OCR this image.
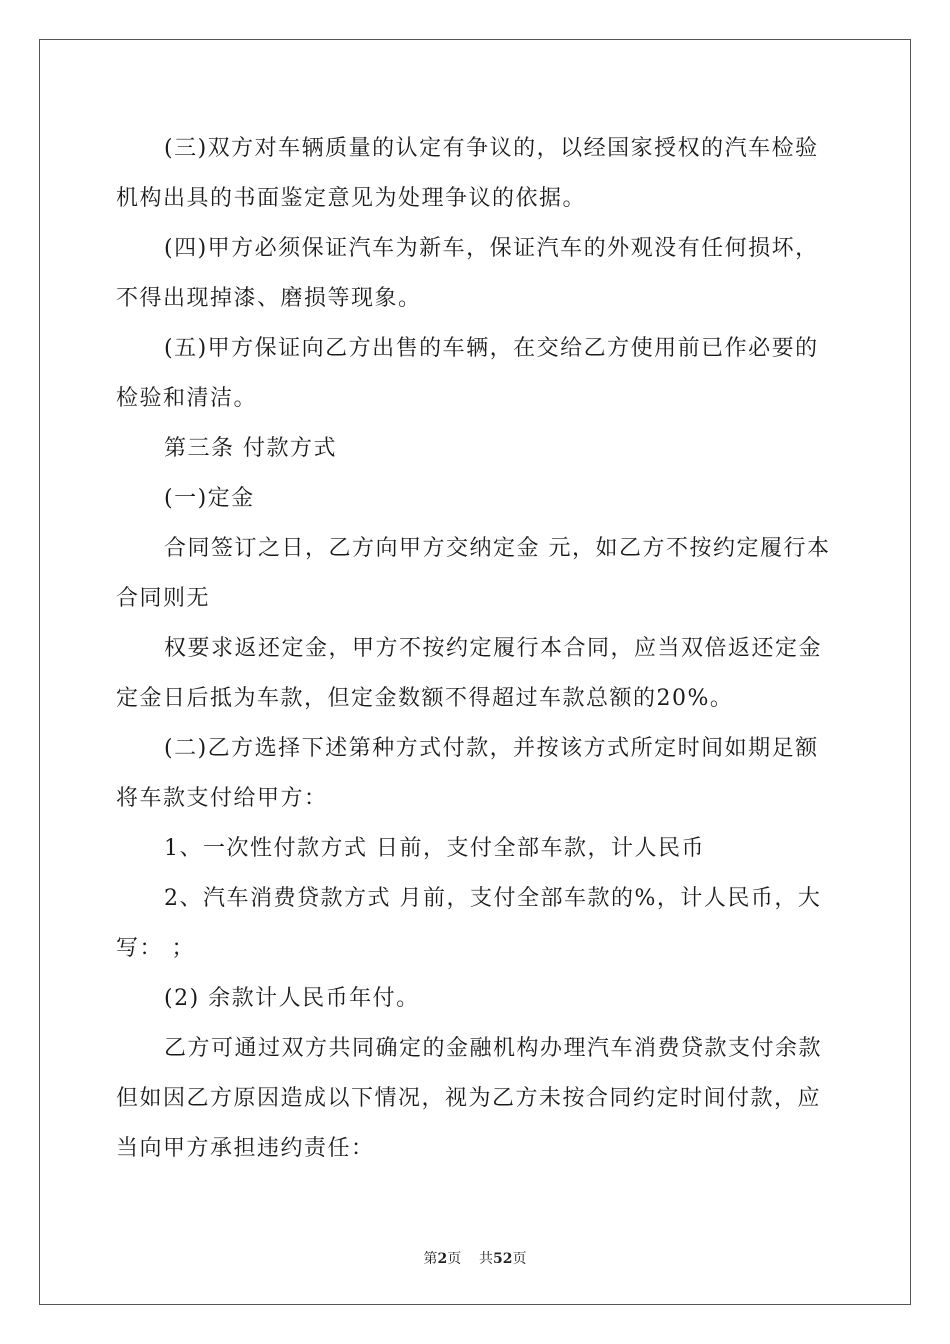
(三)双方对车辆质量的认定有争议的，以经国家授权的汽车检验机构出具的书面鉴定意见为处理争议的依据。

(四)甲方必须保证汽车为新车，保证汽车的外观没有任何损坏，不得出现掉漆、磨损等现象。

(五)甲方保证向乙方出售的车辆，在交给乙方使用前已作必要的检验和清洁。

第三条 付款方式

(一)定金

合同签订之日，乙方向甲方交纳定金 元，如乙方不按约定履行本合同则无

权要求返还定金，甲方不按约定履行本合同，应当双倍返还定金定金日后抵为车款，但定金数额不得超过车款总额的20%。

(二)乙方选择下述第种方式付款，并按该方式所定时间如期足额将车款支付给甲方：

1、一次性付款方式 日前，支付全部车款，计人民币

2、汽车消费贷款方式 月前，支付全部车款的%，计人民币，大写： ；

(2) 余款计人民币年付。

乙方可通过双方共同确定的金融机构办理汽车消费贷款支付余款但如因乙方原因造成以下情况，视为乙方未按合同约定时间付款，应当向甲方承担违约责任：

第2页 共52页
